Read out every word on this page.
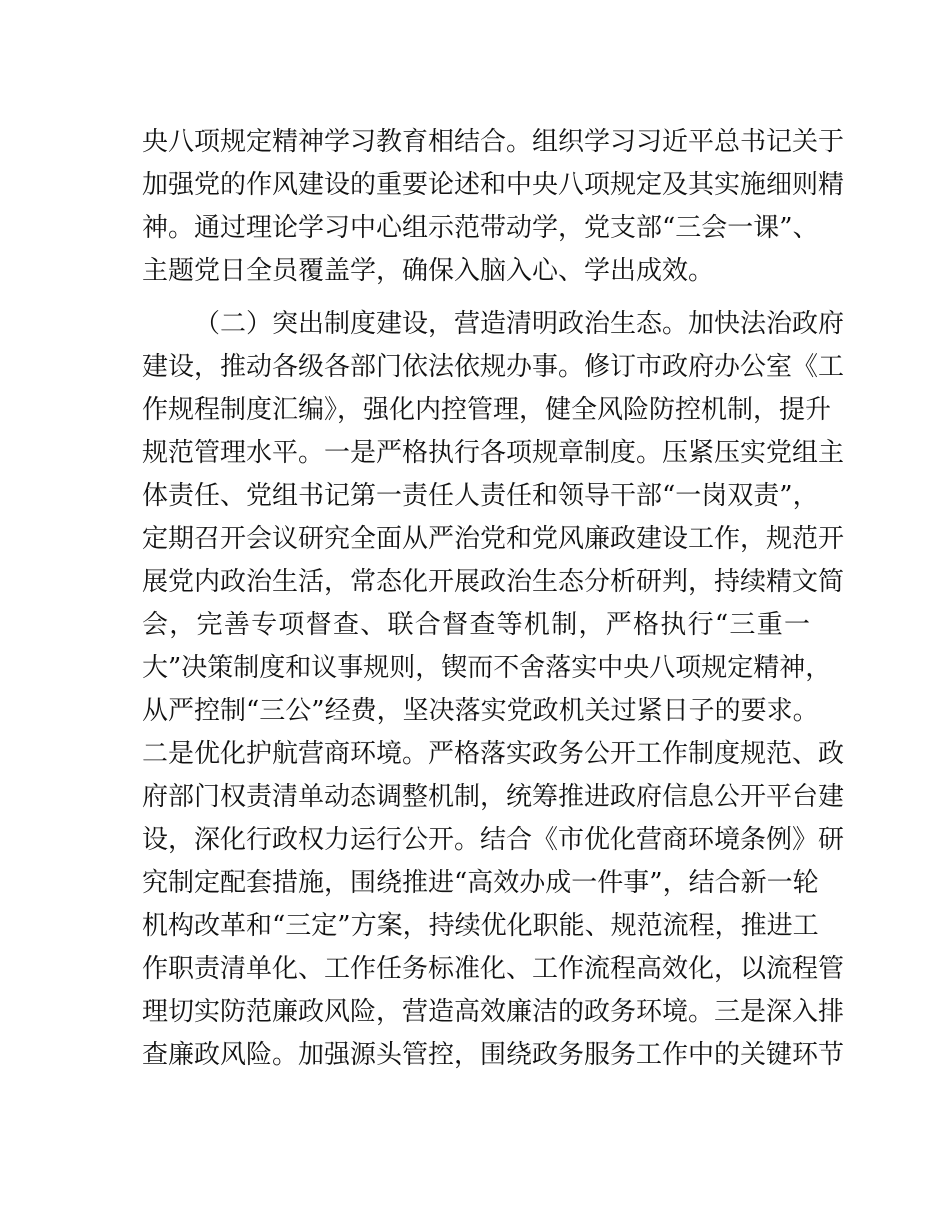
央八项规定精神学习教育相结合。组织学习习近平总书记关于
加强党的作风建设的重要论述和中央八项规定及其实施细则精
神。通过理论学习中心组示范带动学，党支部“三会一课”、
主题党日全员覆盖学，确保入脑入心、学出成效。
（二）突出制度建设，营造清明政治生态。加快法治政府
建设，推动各级各部门依法依规办事。修订市政府办公室《工
作规程制度汇编》，强化内控管理，健全风险防控机制，提升
规范管理水平。一是严格执行各项规章制度。压紧压实党组主
体责任、党组书记第一责任人责任和领导干部“一岗双责”，
定期召开会议研究全面从严治党和党风廉政建设工作，规范开
展党内政治生活，常态化开展政治生态分析研判，持续精文简
会，完善专项督查、联合督查等机制，严格执行“三重一
大”决策制度和议事规则，锲而不舍落实中央八项规定精神，
从严控制“三公”经费，坚决落实党政机关过紧日子的要求。
二是优化护航营商环境。严格落实政务公开工作制度规范、政
府部门权责清单动态调整机制，统筹推进政府信息公开平台建
设，深化行政权力运行公开。结合《市优化营商环境条例》研
究制定配套措施，围绕推进“高效办成一件事”，结合新一轮
机构改革和“三定”方案，持续优化职能、规范流程，推进工
作职责清单化、工作任务标准化、工作流程高效化，以流程管
理切实防范廉政风险，营造高效廉洁的政务环境。三是深入排
查廉政风险。加强源头管控，围绕政务服务工作中的关键环节
